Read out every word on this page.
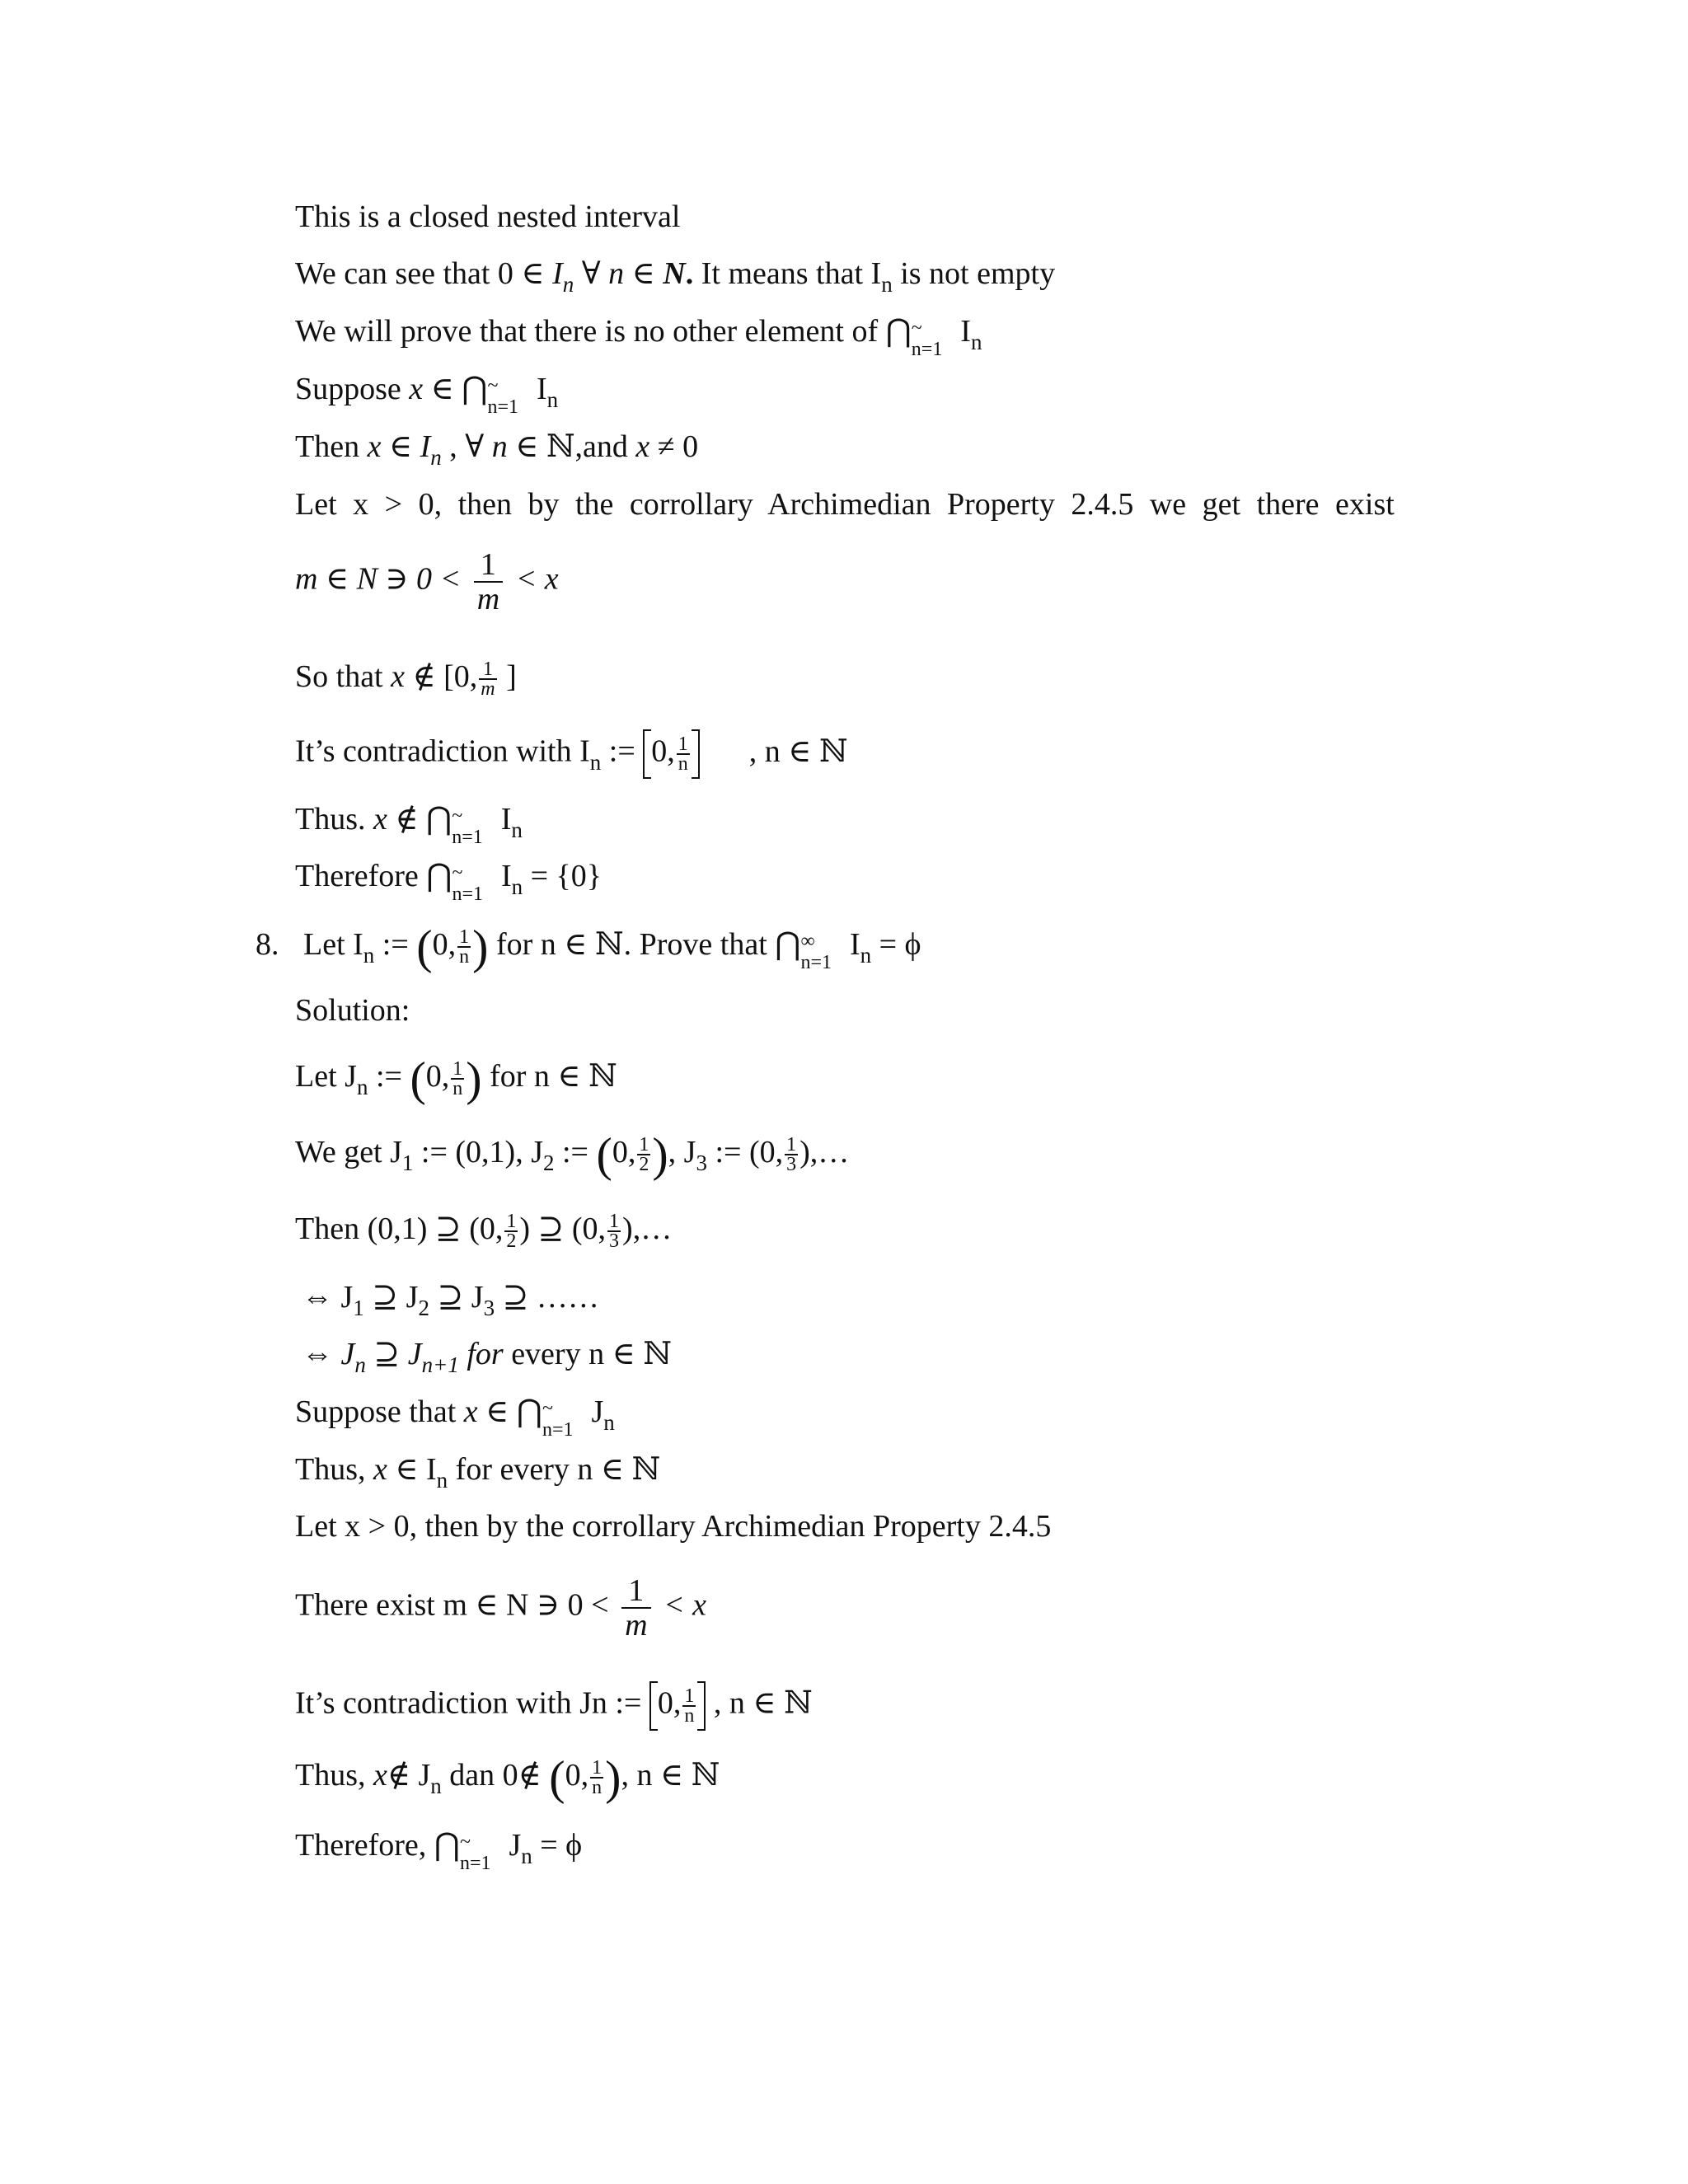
This is a closed nested interval
We can see that 0 ∈ $I_n$ ∀ n ∈ N. It means that $I_n$ is not empty
We will prove that there is no other element of ⋂ ~
n=1
$I_n$
Suppose x ∈ ⋂ ~
n=1
$I_n$
Then x ∈ $I_n$ , ∀ n ∈ ℕ,and x ≠ 0
Let x > 0, then by the corrollary Archimedian Property 2.4.5 we get there exist
m ∈ N ∋ $0 < \frac{1}{m} < x$
So that x ∉ [0, $\frac{1}{m}$ ]
It’s contradiction with $I_n$ := 0, $\frac{1}{n}$ , n ∈ ℕ
Thus. x ∉ ⋂ ~
n=1
$I_n$
Therefore ⋂ ~
n=1
$I_n = \{0\}$
8. Let $I_n$ := (0, $\frac{1}{n}$ ) for n ∈ ℕ. Prove that ⋂ ∞
n=1
$I_n = \phi$
Solution:
Let $J_n$ := (0, $\frac{1}{n}$ ) for n ∈ ℕ
We get $J_1$ := (0,1), $J_2$ := (0, $\frac{1}{2}$ ), $J_3$ := (0, $\frac{1}{3}$ ),…
Then (0,1) ⊇ (0, $\frac{1}{2}$ ) ⊇ (0, $\frac{1}{3}$ ),…
⇔ $J_1$ ⊇ $J_2$ ⊇ $J_3$ ⊇ ……
⇔ $J_n$ ⊇ $J_{n+1}$ for every n ∈ ℕ
Suppose that x ∈ ⋂ ~
n=1
$J_n$
Thus, x ∈ $I_n$ for every n ∈ ℕ
Let x > 0, then by the corrollary Archimedian Property 2.4.5
There exist m ∈ N ∋ $0 < \frac{1}{m} < x$
It’s contradiction with Jn := 0, $\frac{1}{n}$ , n ∈ ℕ
Thus, x∉ $J_n$ dan 0∉ (0, $\frac{1}{n}$ ), n ∈ ℕ
Therefore, ⋂ ~
n=1
$J_n = \phi$
